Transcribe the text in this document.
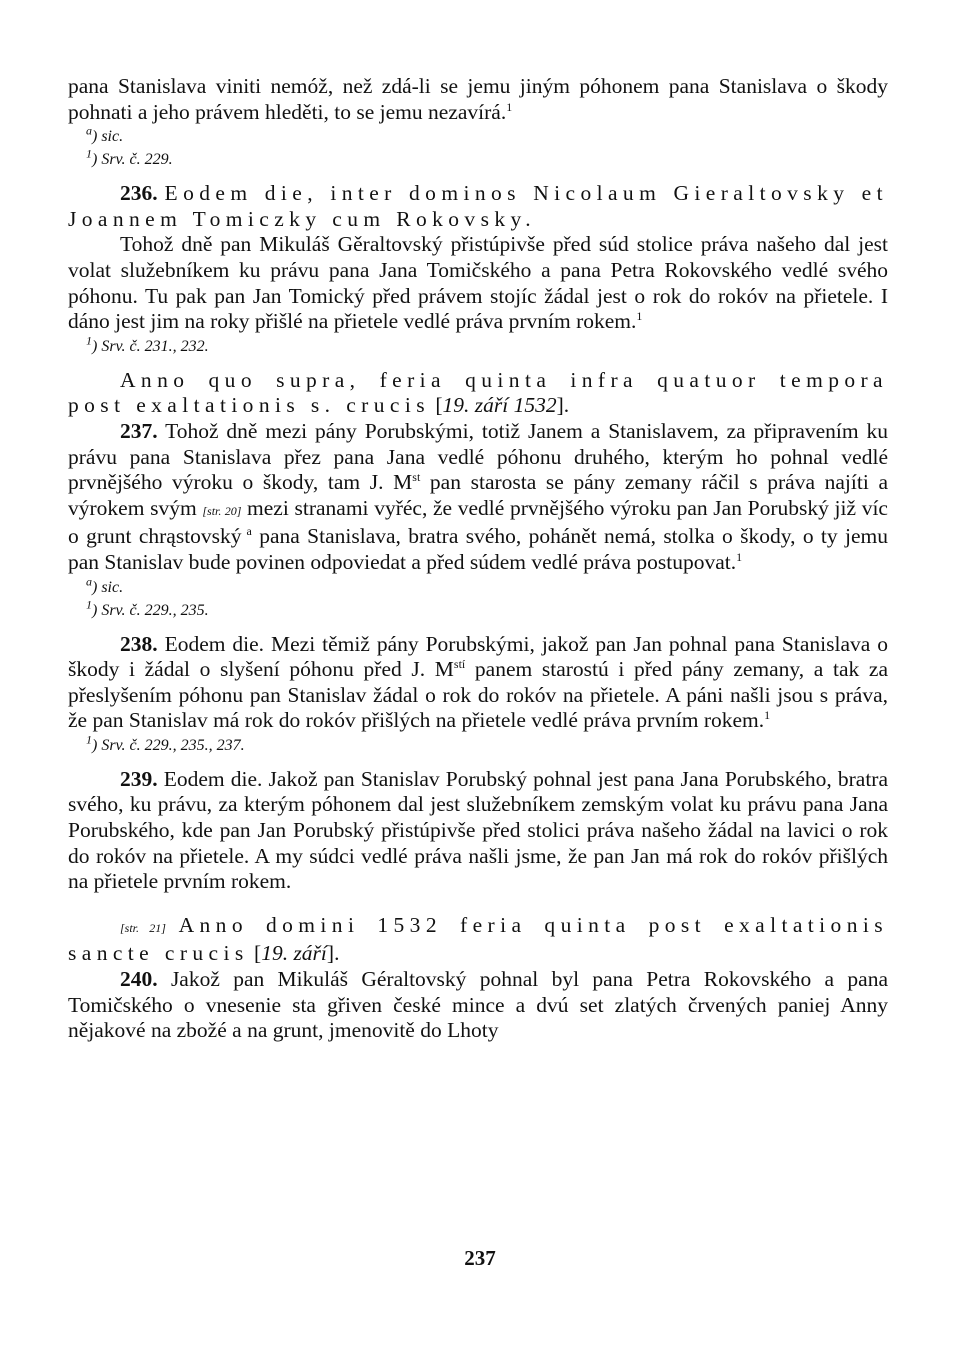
pana Stanislava viniti nemóž, než zdá-li se jemu jiným póhonem pana Stanislava o škody pohnati a jeho právem hleděti, to se jemu nezavírá.$^1$

$^a$) sic.

$^1$) Srv. č. 229.

236. Eodem die, inter dominos Nicolaum Gieraltovsky et Joannem Tomiczky cum Rokovsky.

Tohož dně pan Mikuláš Gěraltovský přistúpivše před súd stolice práva našeho dal jest volat služebníkem ku právu pana Jana Tomičského a pana Petra Rokovského vedlé svého póhonu. Tu pak pan Jan Tomický před právem stojíc žádal jest o rok do rokóv na přietele. I dáno jest jim na roky přišlé na přietele vedlé práva prvním rokem.$^1$

$^1$) Srv. č. 231., 232.

Anno quo supra, feria quinta infra quatuor tempora post exaltationis s. crucis [19. září 1532].

237. Tohož dně mezi pány Porubskými, totiž Janem a Stanislavem, za připravením ku právu pana Stanislava přez pana Jana vedlé póhonu druhého, kterým ho pohnal vedlé prvnějšého výroku o škody, tam J. Mst pan starosta se pány zemany ráčil s práva najíti a výrokem svým [str. 20] mezi stranami vyřéc, že vedlé prvnějšého výroku pan Jan Porubský již víc o grunt chrąstovský $^a$ pana Stanislava, bratra svého, pohánět nemá, stolka o škody, o ty jemu pan Stanislav bude povinen odpoviedat a před súdem vedlé práva postupovat.$^1$

$^a$) sic.

$^1$) Srv. č. 229., 235.

238. Eodem die. Mezi těmiž pány Porubskými, jakož pan Jan pohnal pana Stanislava o škody i žádal o slyšení póhonu před J. $M^{stí}$ panem starostú i před pány zemany, a tak za přeslyšením póhonu pan Stanislav žádal o rok do rokóv na přietele. A páni našli jsou s práva, že pan Stanislav má rok do rokóv přišlých na přietele vedlé práva prvním rokem.$^1$

$^1$) Srv. č. 229., 235., 237.

239. Eodem die. Jakož pan Stanislav Porubský pohnal jest pana Jana Porubského, bratra svého, ku právu, za kterým póhonem dal jest služebníkem zemským volat ku právu pana Jana Porubského, kde pan Jan Porubský přistúpivše před stolici práva našeho žádal na lavici o rok do rokóv na přietele. A my súdci vedlé práva našli jsme, že pan Jan má rok do rokóv přišlých na přietele prvním rokem.

[str. 21] Anno domini 1532 feria quinta post exaltationis sancte crucis [19. září].

240. Jakož pan Mikuláš Géraltovský pohnal byl pana Petra Rokovského a pana Tomičského o vnesenie sta gřiven české mince a dvú set zlatých črvených paniej Anny nějakové na zbožé a na grunt, jmenovitě do Lhoty

237
